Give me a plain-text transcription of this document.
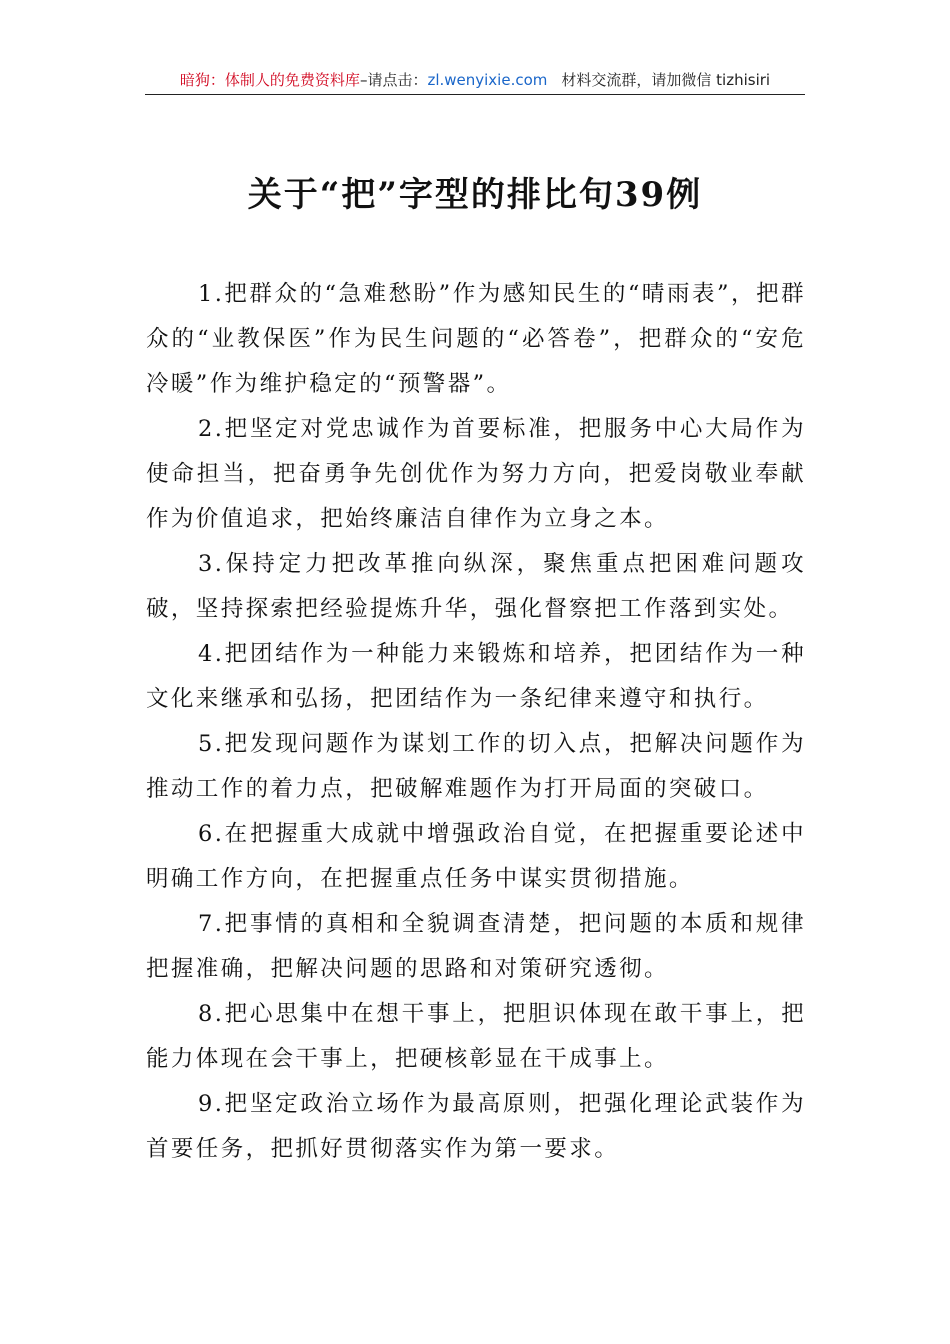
暗狗：体制人的免费资料库–请点击：zl.wenyixie.com 材料交流群，请加微信 tizhisiri
关于“把”字型的排比句39例

1.把群众的“急难愁盼”作为感知民生的“晴雨表”，把群众的“业教保医”作为民生问题的“必答卷”，把群众的“安危冷暖”作为维护稳定的“预警器”。

2.把坚定对党忠诚作为首要标准，把服务中心大局作为使命担当，把奋勇争先创优作为努力方向，把爱岗敬业奉献作为价值追求，把始终廉洁自律作为立身之本。

3.保持定力把改革推向纵深，聚焦重点把困难问题攻破，坚持探索把经验提炼升华，强化督察把工作落到实处。

4.把团结作为一种能力来锻炼和培养，把团结作为一种文化来继承和弘扬，把团结作为一条纪律来遵守和执行。

5.把发现问题作为谋划工作的切入点，把解决问题作为推动工作的着力点，把破解难题作为打开局面的突破口。

6.在把握重大成就中增强政治自觉，在把握重要论述中明确工作方向，在把握重点任务中谋实贯彻措施。

7.把事情的真相和全貌调查清楚，把问题的本质和规律把握准确，把解决问题的思路和对策研究透彻。

8.把心思集中在想干事上，把胆识体现在敢干事上，把能力体现在会干事上，把硬核彰显在干成事上。

9.把坚定政治立场作为最高原则，把强化理论武装作为首要任务，把抓好贯彻落实作为第一要求。
